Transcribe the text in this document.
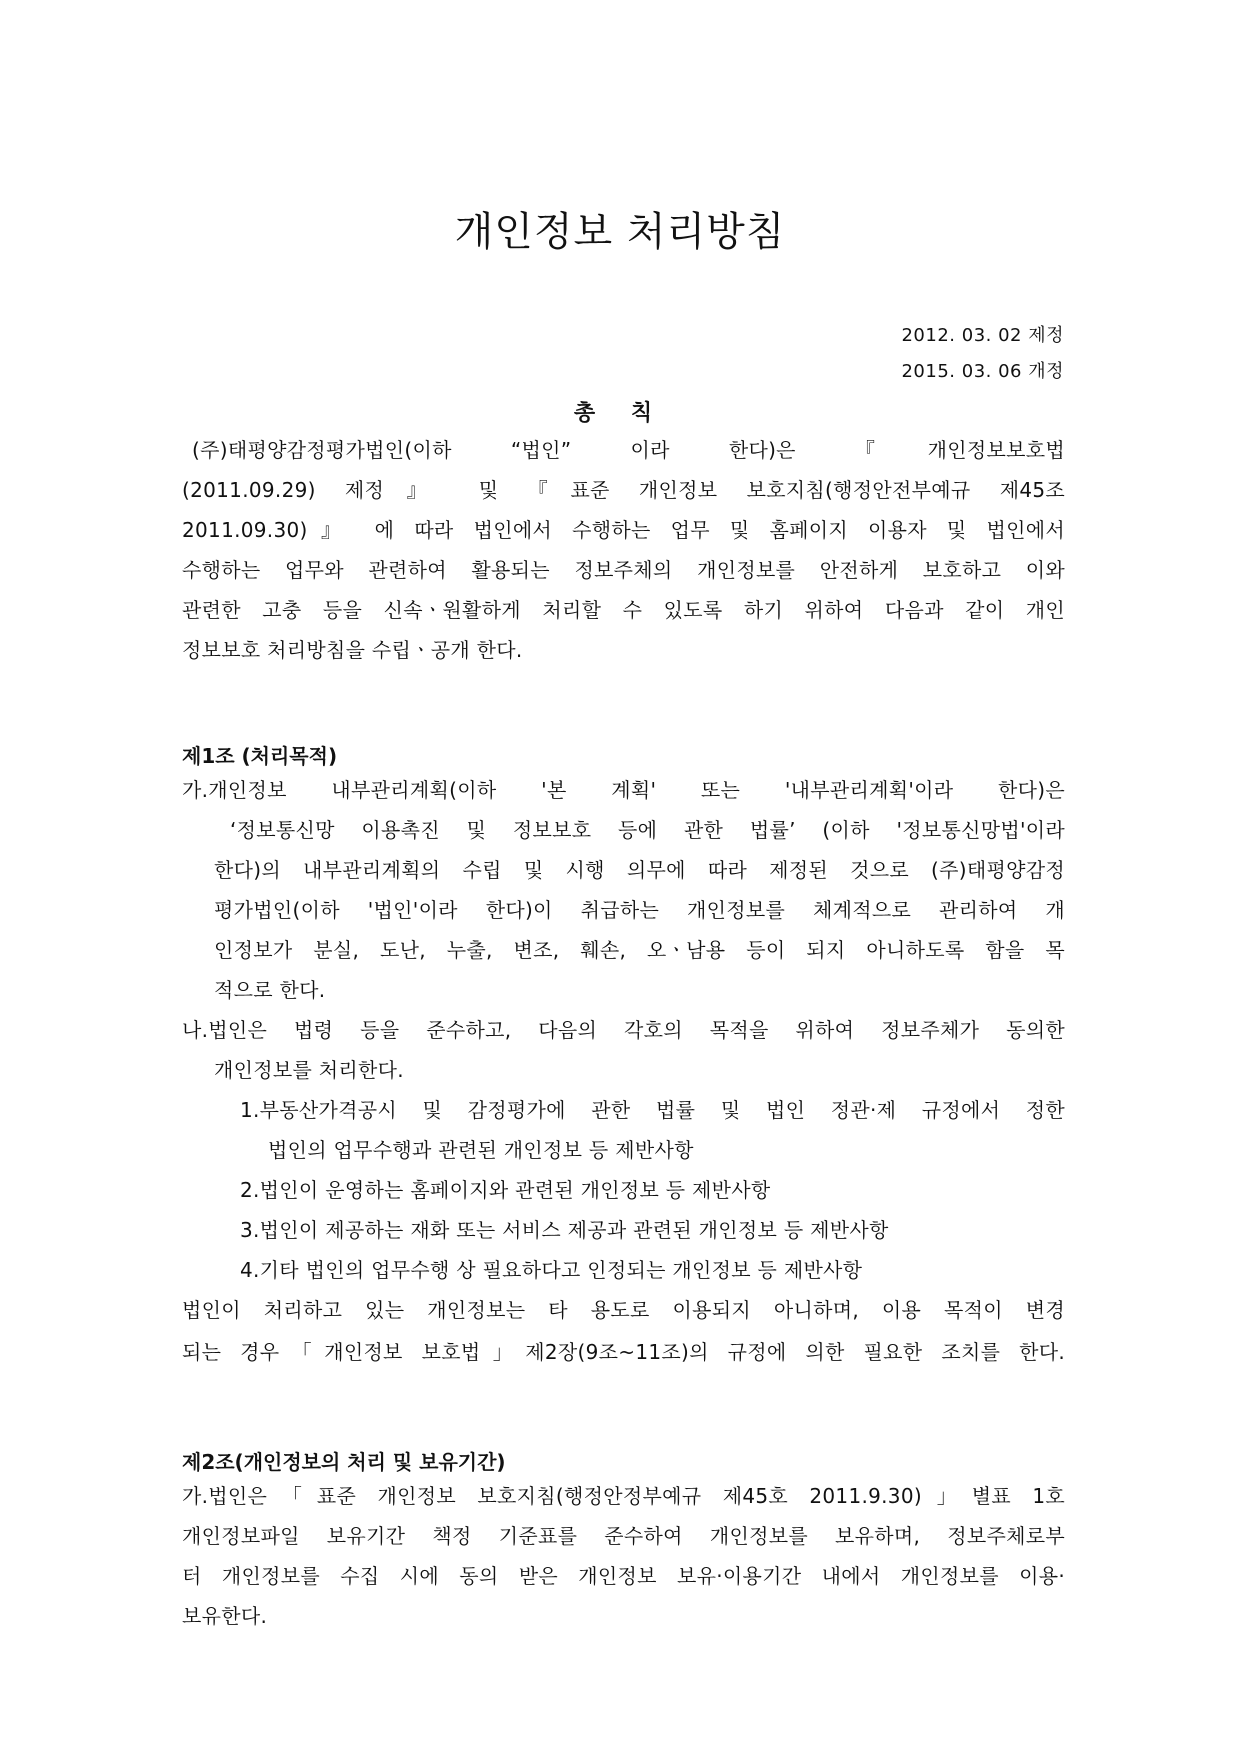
개인정보 처리방침
2012. 03. 02 제정
2015. 03. 06 개정
총 칙
(주)태평양감정평가법인(이하 “법인” 이라 한다)은 『개인정보보호법
(2011.09.29) 제정』 및 『표준 개인정보 보호지침(행정안전부예규 제45조
2011.09.30)』 에 따라 법인에서 수행하는 업무 및 홈페이지 이용자 및 법인에서
수행하는 업무와 관련하여 활용되는 정보주체의 개인정보를 안전하게 보호하고 이와
관련한 고충 등을 신속ㆍ원활하게 처리할 수 있도록 하기 위하여 다음과 같이 개인
정보보호 처리방침을 수립ㆍ공개 한다.
제1조 (처리목적)
가.개인정보 내부관리계획(이하 '본 계획' 또는 '내부관리계획'이라 한다)은
‘정보통신망 이용촉진 및 정보보호 등에 관한 법률’ (이하 '정보통신망법'이라
한다)의 내부관리계획의 수립 및 시행 의무에 따라 제정된 것으로 (주)태평양감정
평가법인(이하 '법인'이라 한다)이 취급하는 개인정보를 체계적으로 관리하여 개
인정보가 분실, 도난, 누출, 변조, 훼손, 오ㆍ남용 등이 되지 아니하도록 함을 목
적으로 한다.
나.법인은 법령 등을 준수하고, 다음의 각호의 목적을 위하여 정보주체가 동의한
개인정보를 처리한다.
1.부동산가격공시 및 감정평가에 관한 법률 및 법인 정관·제 규정에서 정한
법인의 업무수행과 관련된 개인정보 등 제반사항
2.법인이 운영하는 홈페이지와 관련된 개인정보 등 제반사항
3.법인이 제공하는 재화 또는 서비스 제공과 관련된 개인정보 등 제반사항
4.기타 법인의 업무수행 상 필요하다고 인정되는 개인정보 등 제반사항
법인이 처리하고 있는 개인정보는 타 용도로 이용되지 아니하며, 이용 목적이 변경
되는 경우「개인정보 보호법」제2장(9조~11조)의 규정에 의한 필요한 조치를 한다.
제2조(개인정보의 처리 및 보유기간)
가.법인은「표준 개인정보 보호지침(행정안정부예규 제45호 2011.9.30)」별표 1호
개인정보파일 보유기간 책정 기준표를 준수하여 개인정보를 보유하며, 정보주체로부
터 개인정보를 수집 시에 동의 받은 개인정보 보유·이용기간 내에서 개인정보를 이용·
보유한다.
